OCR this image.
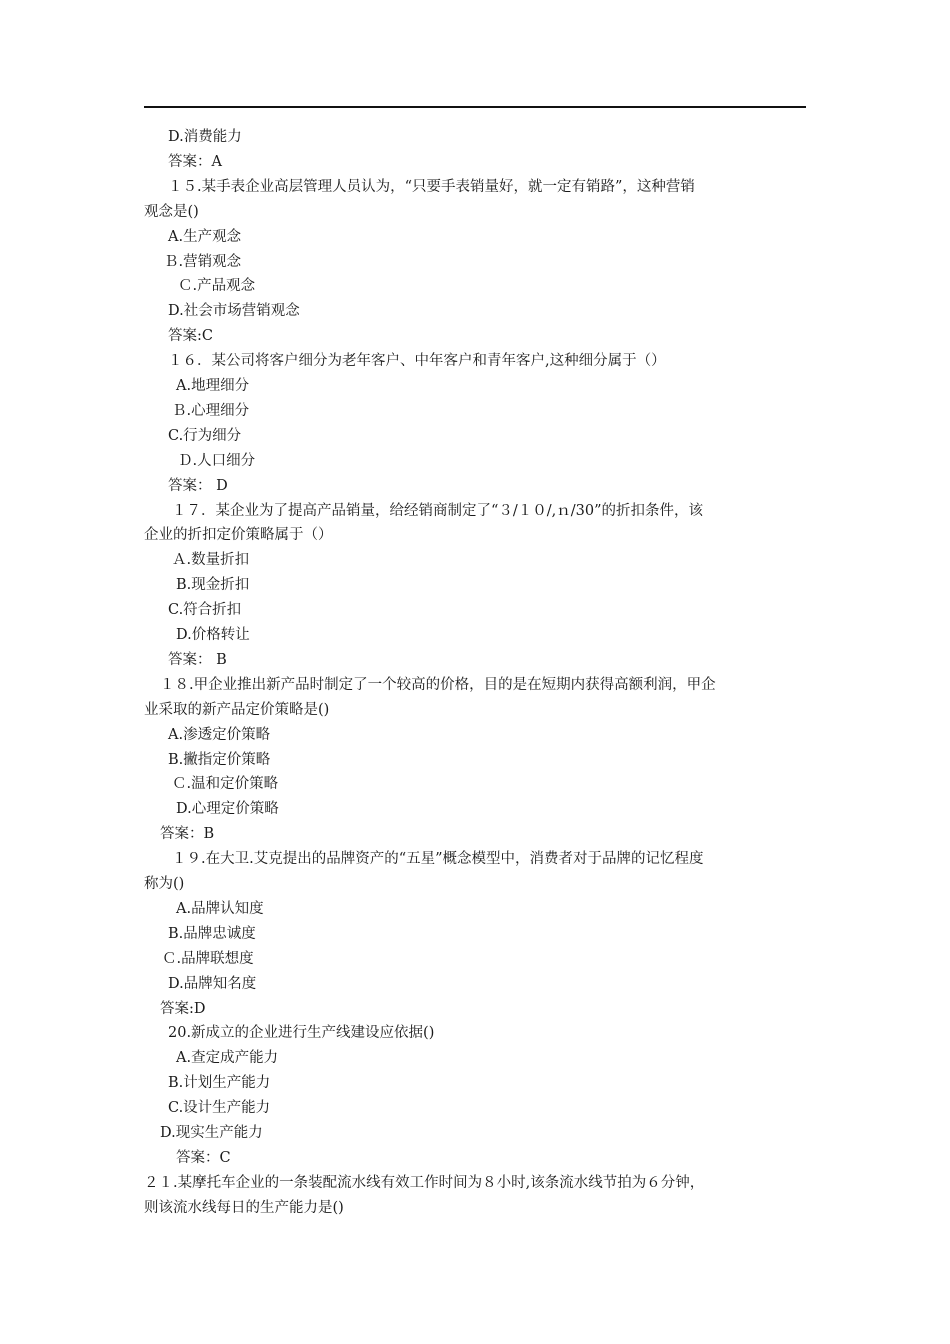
D.消费能力
答案：A
１５.某手表企业高层管理人员认为，“只要手表销量好，就一定有销路”，这种营销
观念是()
A.生产观念
Ｂ.营销观念
Ｃ.产品观念
D.社会市场营销观念
答案:C
１６．某公司将客户细分为老年客户、中年客户和青年客户,这种细分属于（）
A.地理细分
Ｂ.心理细分
C.行为细分
Ｄ.人口细分
答案： D
１７．某企业为了提高产品销量，给经销商制定了“３/１０/,ｎ/30”的折扣条件，该
企业的折扣定价策略属于（）
Ａ.数量折扣
B.现金折扣
C.符合折扣
D.价格转让
答案： B
１８.甲企业推出新产品时制定了一个较高的价格，目的是在短期内获得高额利润，甲企
业采取的新产品定价策略是()
A.渗透定价策略
B.撇指定价策略
Ｃ.温和定价策略
D.心理定价策略
答案：B
１９.在大卫.艾克提出的品牌资产的“五星”概念模型中，消费者对于品牌的记忆程度
称为()
A.品牌认知度
B.品牌忠诚度
Ｃ.品牌联想度
D.品牌知名度
答案:D
20.新成立的企业进行生产线建设应依据()
A.查定成产能力
B.计划生产能力
C.设计生产能力
D.现实生产能力
答案：C
２１.某摩托车企业的一条装配流水线有效工作时间为８小时,该条流水线节拍为６分钟，
则该流水线每日的生产能力是()
